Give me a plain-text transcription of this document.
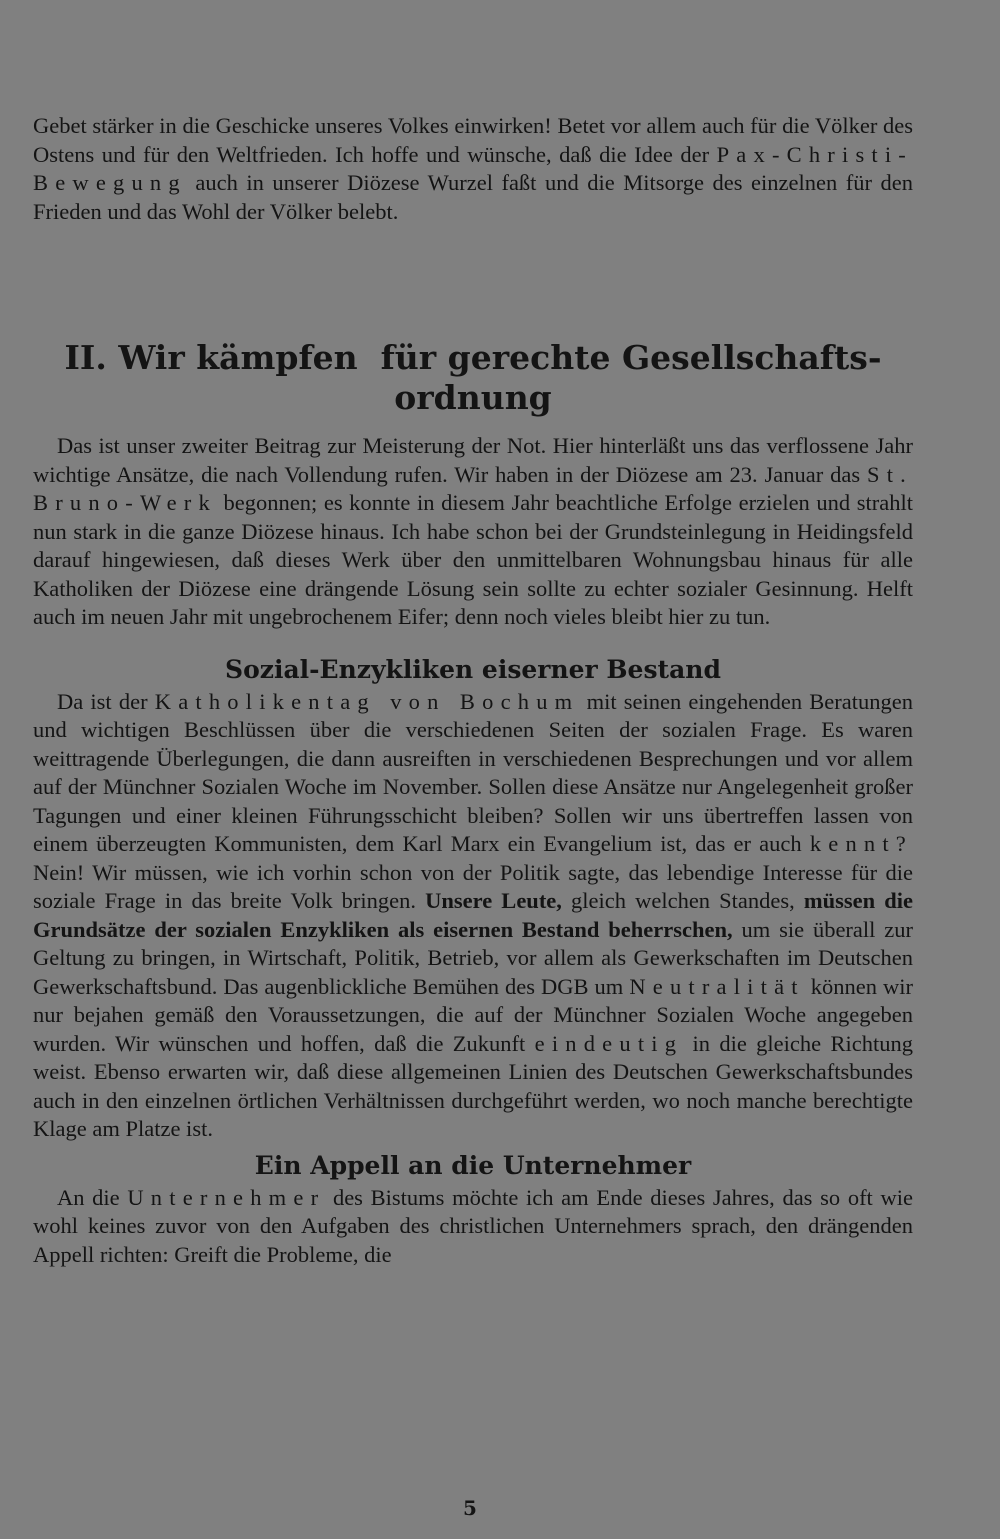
Gebet stärker in die Geschicke unseres Volkes einwirken! Betet vor allem auch für die Völker des Ostens und für den Weltfrieden. Ich hoffe und wünsche, daß die Idee der Pax-Christi-Bewegung auch in unserer Diözese Wurzel faßt und die Mitsorge des einzelnen für den Frieden und das Wohl der Völker belebt.

II. Wir kämpfen  für gerechte Gesellschafts-
ordnung

Das ist unser zweiter Beitrag zur Meisterung der Not. Hier hinterläßt uns das verflossene Jahr wichtige Ansätze, die nach Vollendung rufen. Wir haben in der Diözese am 23. Januar das St. Bruno-Werk begonnen; es konnte in diesem Jahr beachtliche Erfolge erzielen und strahlt nun stark in die ganze Diözese hinaus. Ich habe schon bei der Grundsteinlegung in Heidingsfeld darauf hingewiesen, daß dieses Werk über den unmittelbaren Wohnungsbau hinaus für alle Katholiken der Diözese eine drängende Lösung sein sollte zu echter sozialer Gesinnung. Helft auch im neuen Jahr mit ungebrochenem Eifer; denn noch vieles bleibt hier zu tun.

Sozial-Enzykliken eiserner Bestand

Da ist der Katholikentag von Bochum mit seinen eingehenden Beratungen und wichtigen Beschlüssen über die verschiedenen Seiten der sozialen Frage. Es waren weittragende Überlegungen, die dann ausreiften in verschiedenen Besprechungen und vor allem auf der Münchner Sozialen Woche im November. Sollen diese Ansätze nur Angelegenheit großer Tagungen und einer kleinen Führungsschicht bleiben? Sollen wir uns übertreffen lassen von einem überzeugten Kommunisten, dem Karl Marx ein Evangelium ist, das er auch kennt? Nein! Wir müssen, wie ich vorhin schon von der Politik sagte, das lebendige Interesse für die soziale Frage in das breite Volk bringen. Unsere Leute, gleich welchen Standes, müssen die Grundsätze der sozialen Enzykliken als eisernen Bestand beherrschen, um sie überall zur Geltung zu bringen, in Wirtschaft, Politik, Betrieb, vor allem als Gewerkschaften im Deutschen Gewerkschaftsbund. Das augenblickliche Bemühen des DGB um Neutralität können wir nur bejahen gemäß den Voraussetzungen, die auf der Münchner Sozialen Woche angegeben wurden. Wir wünschen und hoffen, daß die Zukunft eindeutig in die gleiche Richtung weist. Ebenso erwarten wir, daß diese allgemeinen Linien des Deutschen Gewerkschaftsbundes auch in den einzelnen örtlichen Verhältnissen durchgeführt werden, wo noch manche berechtigte Klage am Platze ist.

Ein Appell an die Unternehmer

An die Unternehmer des Bistums möchte ich am Ende dieses Jahres, das so oft wie wohl keines zuvor von den Aufgaben des christlichen Unternehmers sprach, den drängenden Appell richten: Greift die Probleme, die

5
